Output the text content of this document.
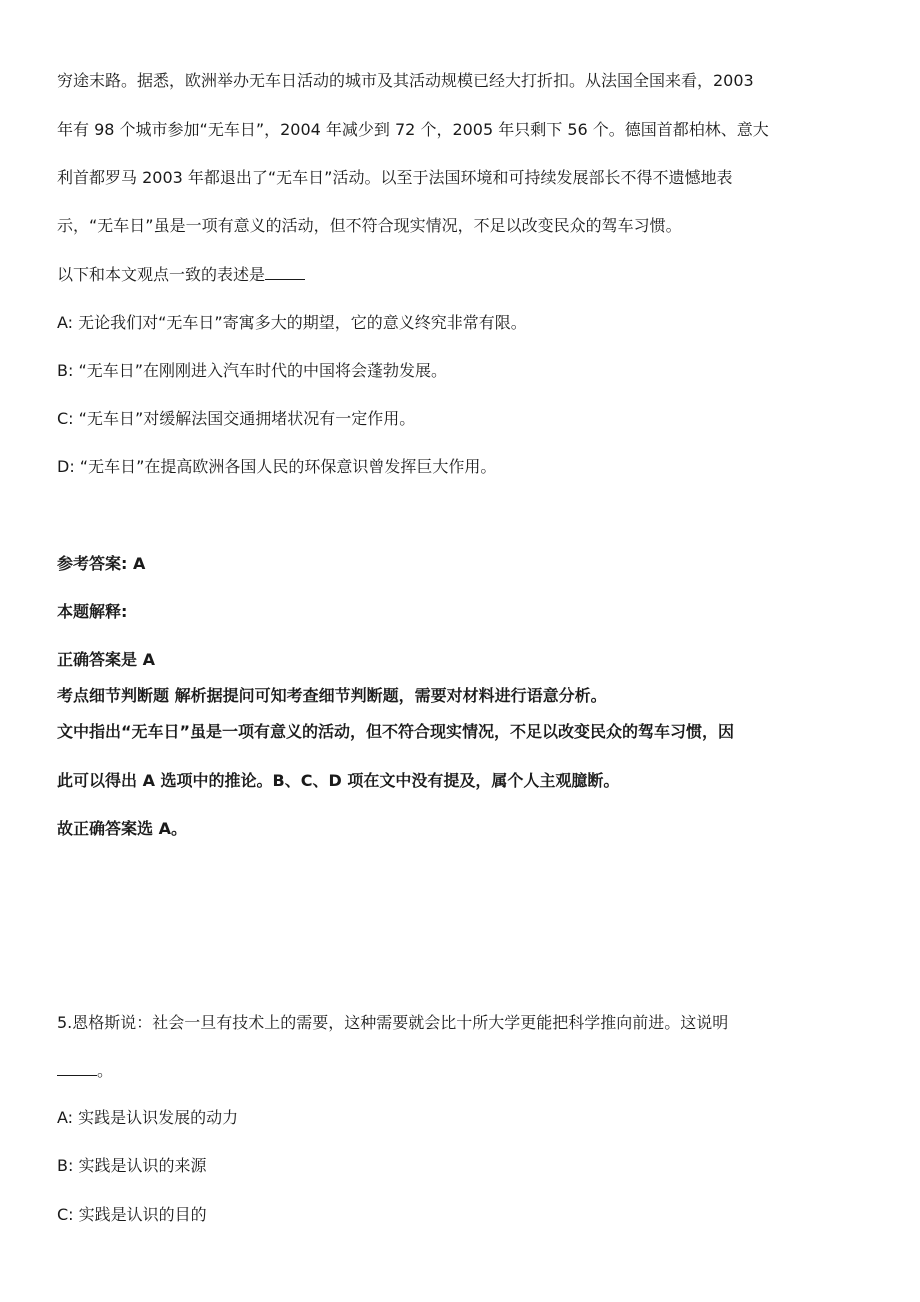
穷途末路。据悉，欧洲举办无车日活动的城市及其活动规模已经大打折扣。从法国全国来看，2003
年有 98 个城市参加“无车日”，2004 年减少到 72 个，2005 年只剩下 56 个。德国首都柏林、意大
利首都罗马 2003 年都退出了“无车日”活动。以至于法国环境和可持续发展部长不得不遗憾地表
示，“无车日”虽是一项有意义的活动，但不符合现实情况，不足以改变民众的驾车习惯。
以下和本文观点一致的表述是
A: 无论我们对“无车日”寄寓多大的期望，它的意义终究非常有限。
B: “无车日”在刚刚进入汽车时代的中国将会蓬勃发展。
C: “无车日”对缓解法国交通拥堵状况有一定作用。
D: “无车日”在提高欧洲各国人民的环保意识曾发挥巨大作用。
参考答案: A
本题解释:
正确答案是 A
考点细节判断题 解析据提问可知考查细节判断题，需要对材料进行语意分析。
文中指出“无车日”虽是一项有意义的活动，但不符合现实情况，不足以改变民众的驾车习惯，因
此可以得出 A 选项中的推论。B、C、D 项在文中没有提及，属个人主观臆断。
故正确答案选 A。
5.恩格斯说：社会一旦有技术上的需要，这种需要就会比十所大学更能把科学推向前进。这说明
。
A: 实践是认识发展的动力
B: 实践是认识的来源
C: 实践是认识的目的
